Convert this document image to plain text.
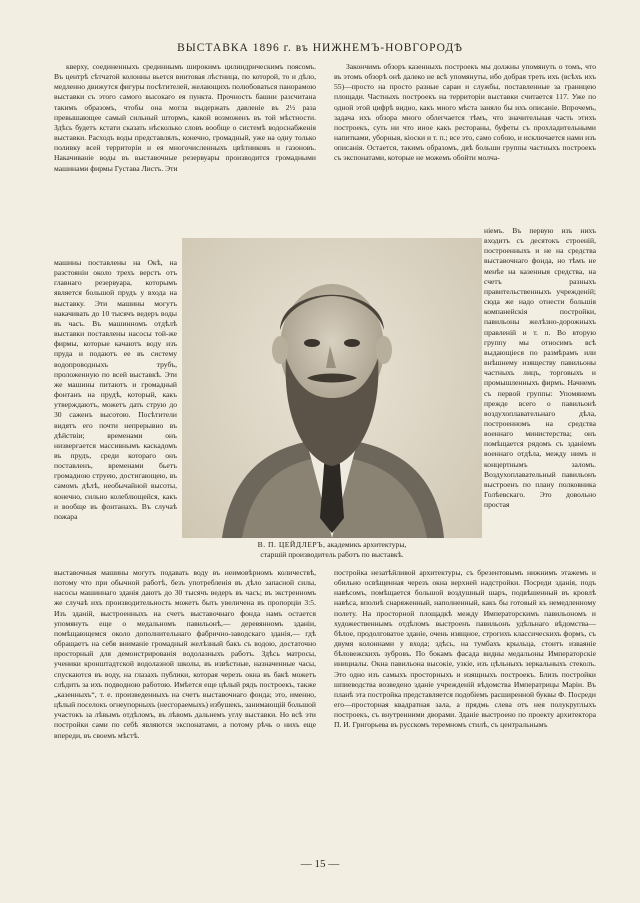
ВЫСТАВКА 1896 г. въ НИЖНЕМЪ-НОВГОРОДѢ

кверху, соединенныхъ срединнымъ широкимъ цилиндрическимъ поясомъ. Въ центрѣ сѣтчатой колонны вьется винтовая лѣстница, по которой, то и дѣло, медленно движутся фигуры посѣтителей, желающихъ полюбоваться панорамою выставки съ этого самого высокаго ея пункта. Прочность башни разсчитана такимъ образомъ, чтобы она могла выдержать давленіе въ 2½ раза превышающее самый сильный штормъ, какой возможенъ въ той мѣстности. Здѣсь будетъ кстати сказать нѣсколько словъ вообще о системѣ водоснабженія выставки. Расходъ воды представлялъ, конечно, громадный, уже на одну только поливку всей территоріи и ея многочисленныхъ цвѣтниковъ и газоновъ. Накачиваніе воды въ выставочные резервуары производится громадными машинами фирмы Густава Листъ. Эти

машины поставлены на Окѣ, на разстояніи около трехъ верстъ отъ главнаго резервуара, которымъ является большой прудъ у входа на выставку. Эти машины могутъ накачивать до 10 тысячъ ведеръ воды въ часъ. Въ машинномъ отдѣлѣ выставки поставлены насосы той-же фирмы, которые качаютъ воду изъ пруда и подаютъ ее въ систему водопроводныхъ трубъ, проложенную по всей выставкѣ. Эти же машины питаютъ и громадный фонтанъ на прудѣ, который, какъ утверждаютъ, можетъ дать струю до 30 саженъ высотою. Посѣтители видятъ его почти непрерывно въ дѣйствіи; временами онъ низвергается массивнымъ каскадомъ въ прудъ, среди котораго онъ поставленъ, временами бьетъ громадною струею, достигающею, въ самомъ дѣлѣ, необычайной высоты, конечно, сильно колеблющейся, какъ и вообще въ фонтанахъ. Въ случаѣ пожара

выставочныя машины могутъ подавать воду въ неимовѣрномъ количествѣ, потому что при обычной работѣ, безъ употребленія въ дѣло запасной силы, насосы машиннаго зданія даютъ до 30 тысячъ ведеръ въ часъ; въ экстренномъ же случаѣ ихъ производительность можетъ быть увеличена въ пропорціи 3:5. Изъ зданій, выстроенныхъ на счетъ выставочнаго фонда намъ остается упомянуть еще о медальномъ павильонѣ,— деревянномъ зданіи, помѣщающемся около дополнительнаго фабрично-заводскаго зданія,— гдѣ обращаетъ на себя вниманіе громадный желѣзный бакъ съ водою, достаточно просторный для демонстрированія водолазныхъ работъ. Здѣсь матросы, ученики кронштадтской водолазной школы, въ извѣстные, назначенные часы, спускаются въ воду, на глазахъ публики, которая черезъ окна въ бакѣ можетъ слѣдить за ихъ подводною работою. Имѣется еще цѣлый рядъ построекъ, также „казенныхъ“, т. е. произведенныхъ на счетъ выставочнаго фонда; это, именно, цѣлый поселокъ огнеупорныхъ (несгораемыхъ) избушекъ, занимающій большой участокъ за лѣвымъ отдѣломъ, въ лѣвомъ дальнемъ углу выставки. Но всѣ эти постройки сами по себѣ являются экспонатами, а потому рѣчь о нихъ еще впереди, въ своемъ мѣстѣ.

Закончимъ обзоръ казенныхъ построекъ мы должны упомянуть о томъ, что въ этомъ обзорѣ онѣ далеко не всѣ упомянуты, ибо добрая треть ихъ (всѣхъ ихъ 55)—просто на просто разные сараи и службы, поставленные за границею площади. Частныхъ построекъ на территоріи выставки считается 117. Уже по одной этой цифрѣ видно, какъ много мѣста заняло бы ихъ описаніе. Впрочемъ, задача ихъ обзора много облегчается тѣмъ, что значительная часть этихъ построекъ, суть ни что иное какъ рестораны, буфеты съ прохладительными напитками, уборныя, кіоски и т. п.; все это, само собою, и исключается нами изъ описанія. Остается, такимъ образомъ, двѣ больши группы частныхъ построекъ съ экспонатами, которые не можемъ обойти молча-

ніемъ. Въ первую изъ нихъ входитъ съ десятокъ строеній, построенныхъ и не на средства выставочнаго фонда, но тѣмъ не менѣе на казенныя средства, на счетъ разныхъ правительственныхъ учрежденій; сюда же надо отнести большія компанейскія постройки, павильоны желѣзно-дорожныхъ правленій и т. п. Во вторую группу мы относимъ всѣ выдающіеся по размѣрамъ или внѣшнему изяществу павильоны частныхъ лицъ, торговыхъ и промышленныхъ фирмъ. Начнемъ съ первой группы: Упомянемъ прежде всего о павильонѣ воздухоплавательнаго дѣла, построенномъ на средства военнаго министерства; онъ помѣщается рядомъ съ зданіемъ военнаго отдѣла, между нимъ и концертнымъ заломъ. Воздухоплавательный павильонъ выстроенъ по плану полковника Голѣевскаго. Это довольно простая

постройка незатѣйливой архитектуры, съ брезентовымъ нижнимъ этажемъ и обильно освѣщенная черезъ окна верхней надстройки. Посреди зданія, подъ навѣсомъ, помѣщается большой воздушный шаръ, подвѣшенный въ кровлѣ навѣса, вполнѣ снаряженный, наполненный, какъ бы готовый къ немедленному полету. На просторной площадкѣ между Императорскимъ павильономъ и художественнымъ отдѣломъ выстроенъ павильонъ удѣльнаго вѣдомства—бѣлое, продолговатое зданіе, очень изящное, строгихъ классическихъ формъ, съ двумя колоннами у входа; здѣсь, на тумбахъ крыльца, стоитъ изваяніе бѣловежскихъ зубровъ. По бокамъ фасада видны медальоны Императорскіе инициалы. Окна павильона высокіе, узкіе, изъ цѣльныхъ зеркальныхъ стеколъ. Это одно изъ самыхъ просторныхъ и изящныхъ построекъ. Близъ постройки шпиеводства возведено зданіе учрежденій вѣдомства Императрицы Маріи. Въ планѣ эта постройка представляется подобіемъ расширенной буквы Ф. Посреди его—просторная квадратная зала, а прядмь слева отъ нея полукруглыхъ построекъ, съ внутренними дворами. Зданіе выстроено по проекту архитектора П. И. Григорьева въ русскомъ теремномъ стилѣ, съ центральнымъ

В. П. ЦЕЙДЛЕРЪ, академикъ архитектуры,
старшій производитель работъ по выставкѣ.
— 15 —
